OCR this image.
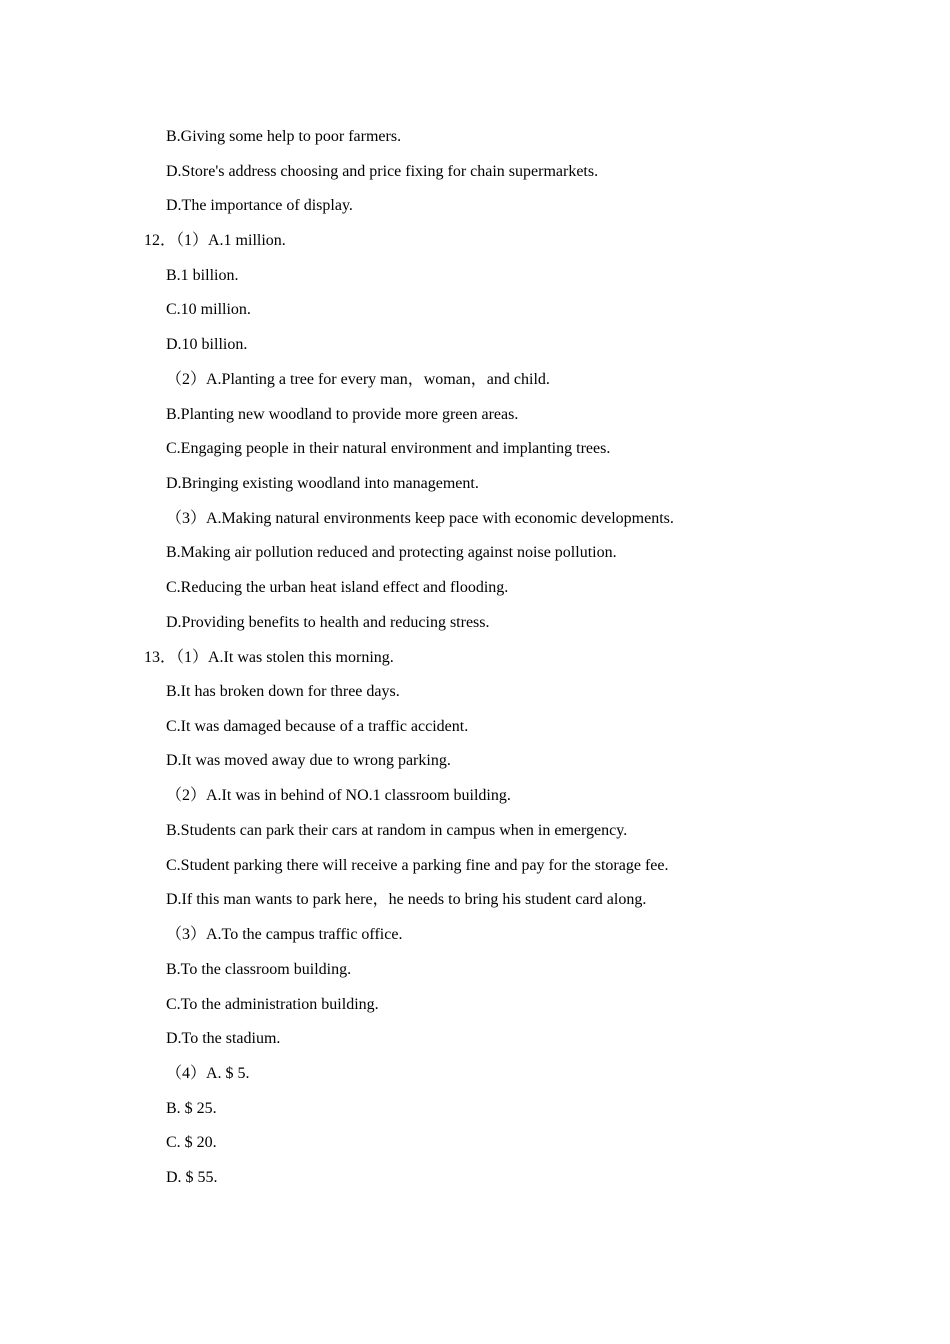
B.Giving some help to poor farmers.
D.Store's address choosing and price fixing for chain supermarkets.
D.The importance of display.
12．（1）A.1 million.
B.1 billion.
C.10 million.
D.10 billion.
（2）A.Planting a tree for every man，woman，and child.
B.Planting new woodland to provide more green areas.
C.Engaging people in their natural environment and implanting trees.
D.Bringing existing woodland into management.
（3）A.Making natural environments keep pace with economic developments.
B.Making air pollution reduced and protecting against noise pollution.
C.Reducing the urban heat island effect and flooding.
D.Providing benefits to health and reducing stress.
13．（1）A.It was stolen this morning.
B.It has broken down for three days.
C.It was damaged because of a traffic accident.
D.It was moved away due to wrong parking.
（2）A.It was in behind of NO.1 classroom building.
B.Students can park their cars at random in campus when in emergency.
C.Student parking there will receive a parking fine and pay for the storage fee.
D.If this man wants to park here，he needs to bring his student card along.
（3）A.To the campus traffic office.
B.To the classroom building.
C.To the administration building.
D.To the stadium.
（4）A. $ 5.
B. $ 25.
C. $ 20.
D. $ 55.
